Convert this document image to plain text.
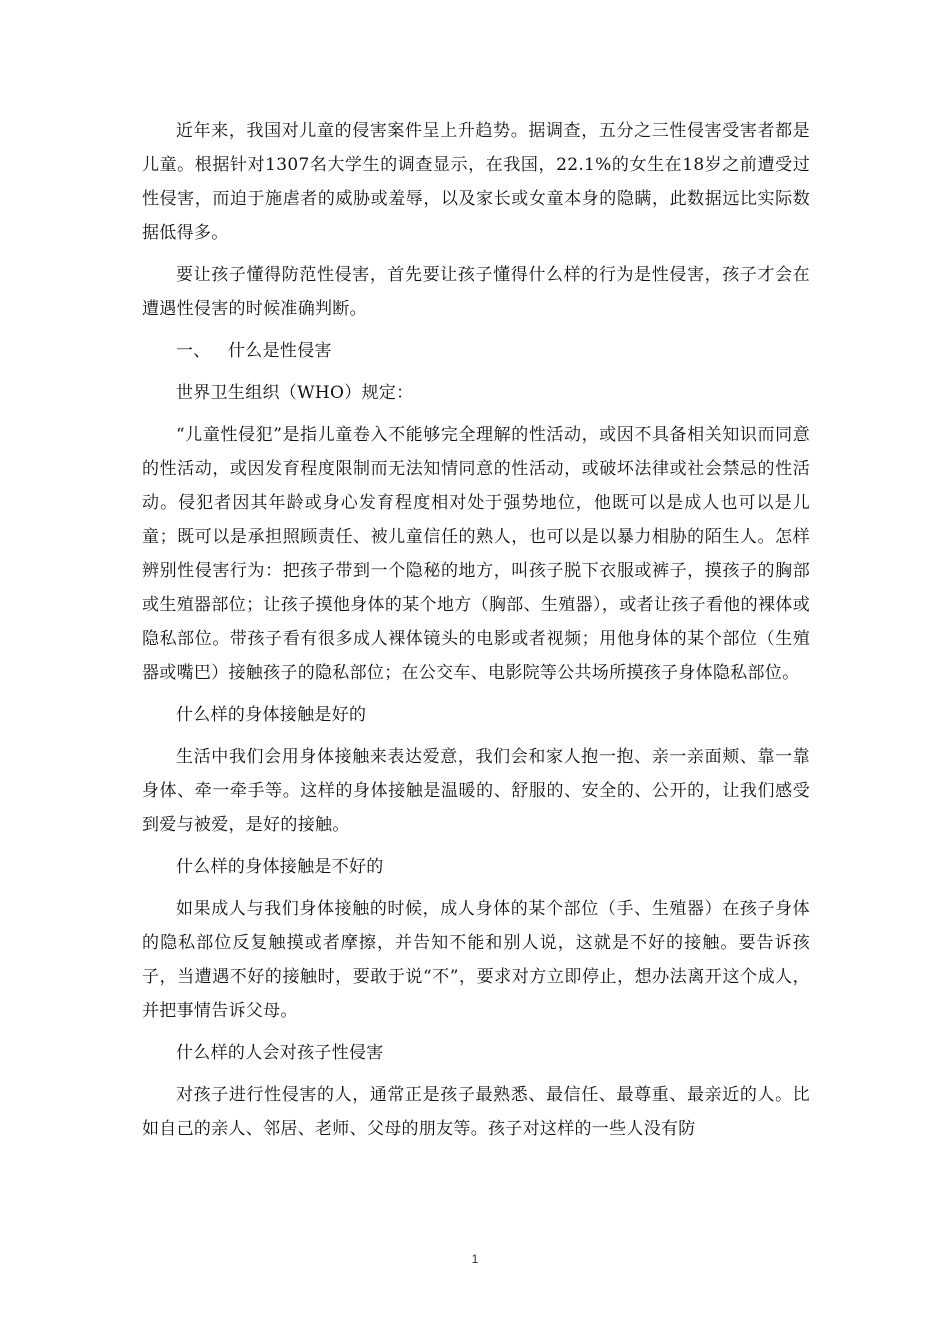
近年来，我国对儿童的侵害案件呈上升趋势。据调查，五分之三性侵害受害者都是儿童。根据针对1307名大学生的调查显示，在我国，22.1%的女生在18岁之前遭受过性侵害，而迫于施虐者的威胁或羞辱，以及家长或女童本身的隐瞒，此数据远比实际数据低得多。

要让孩子懂得防范性侵害，首先要让孩子懂得什么样的行为是性侵害，孩子才会在遭遇性侵害的时候准确判断。

一、 什么是性侵害

世界卫生组织（WHO）规定：

“儿童性侵犯”是指儿童卷入不能够完全理解的性活动，或因不具备相关知识而同意的性活动，或因发育程度限制而无法知情同意的性活动，或破坏法律或社会禁忌的性活动。侵犯者因其年龄或身心发育程度相对处于强势地位，他既可以是成人也可以是儿童；既可以是承担照顾责任、被儿童信任的熟人，也可以是以暴力相胁的陌生人。怎样辨别性侵害行为：把孩子带到一个隐秘的地方，叫孩子脱下衣服或裤子，摸孩子的胸部或生殖器部位；让孩子摸他身体的某个地方（胸部、生殖器），或者让孩子看他的裸体或隐私部位。带孩子看有很多成人裸体镜头的电影或者视频；用他身体的某个部位（生殖器或嘴巴）接触孩子的隐私部位；在公交车、电影院等公共场所摸孩子身体隐私部位。

什么样的身体接触是好的

生活中我们会用身体接触来表达爱意，我们会和家人抱一抱、亲一亲面颊、靠一靠身体、牵一牵手等。这样的身体接触是温暖的、舒服的、安全的、公开的，让我们感受到爱与被爱，是好的接触。

什么样的身体接触是不好的

如果成人与我们身体接触的时候，成人身体的某个部位（手、生殖器）在孩子身体的隐私部位反复触摸或者摩擦，并告知不能和别人说，这就是不好的接触。要告诉孩子，当遭遇不好的接触时，要敢于说“不”，要求对方立即停止，想办法离开这个成人，并把事情告诉父母。

什么样的人会对孩子性侵害

对孩子进行性侵害的人，通常正是孩子最熟悉、最信任、最尊重、最亲近的人。比如自己的亲人、邻居、老师、父母的朋友等。孩子对这样的一些人没有防

1
